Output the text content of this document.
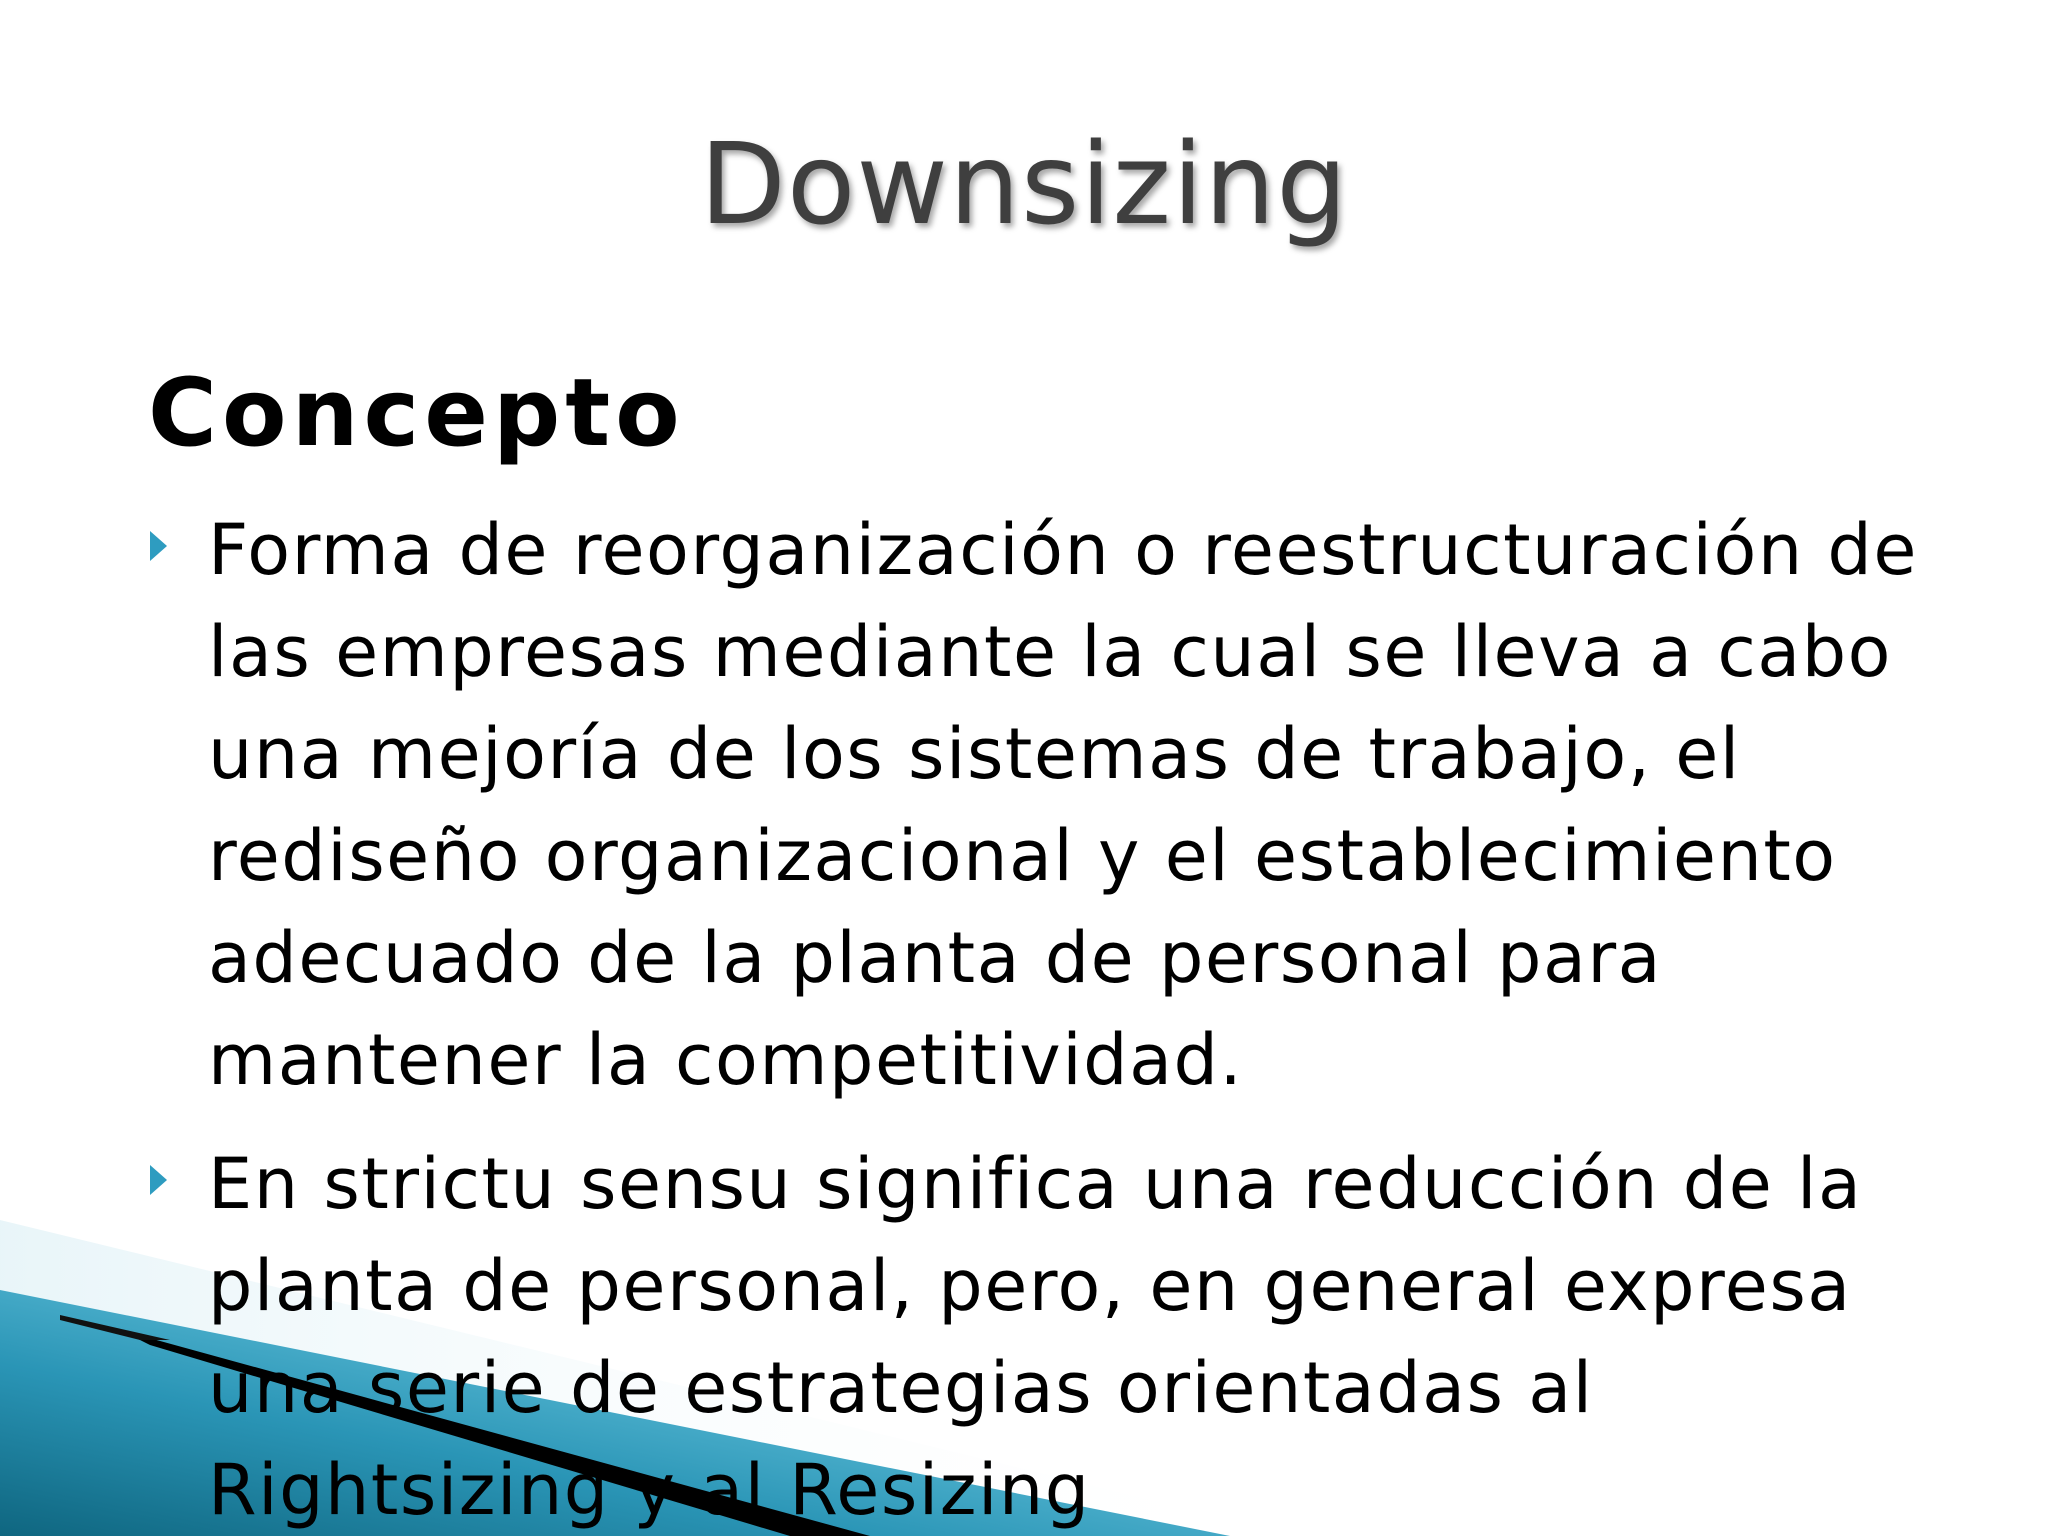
Downsizing
Concepto
Forma de reorganización o reestructuración de las empresas mediante la cual se lleva a cabo una mejoría de los sistemas de trabajo, el rediseño organizacional y el establecimiento adecuado de la planta de personal para mantener la competitividad.
En strictu sensu significa una reducción de la planta de personal, pero, en general expresa una serie de estrategias orientadas al Rightsizing y al Resizing
